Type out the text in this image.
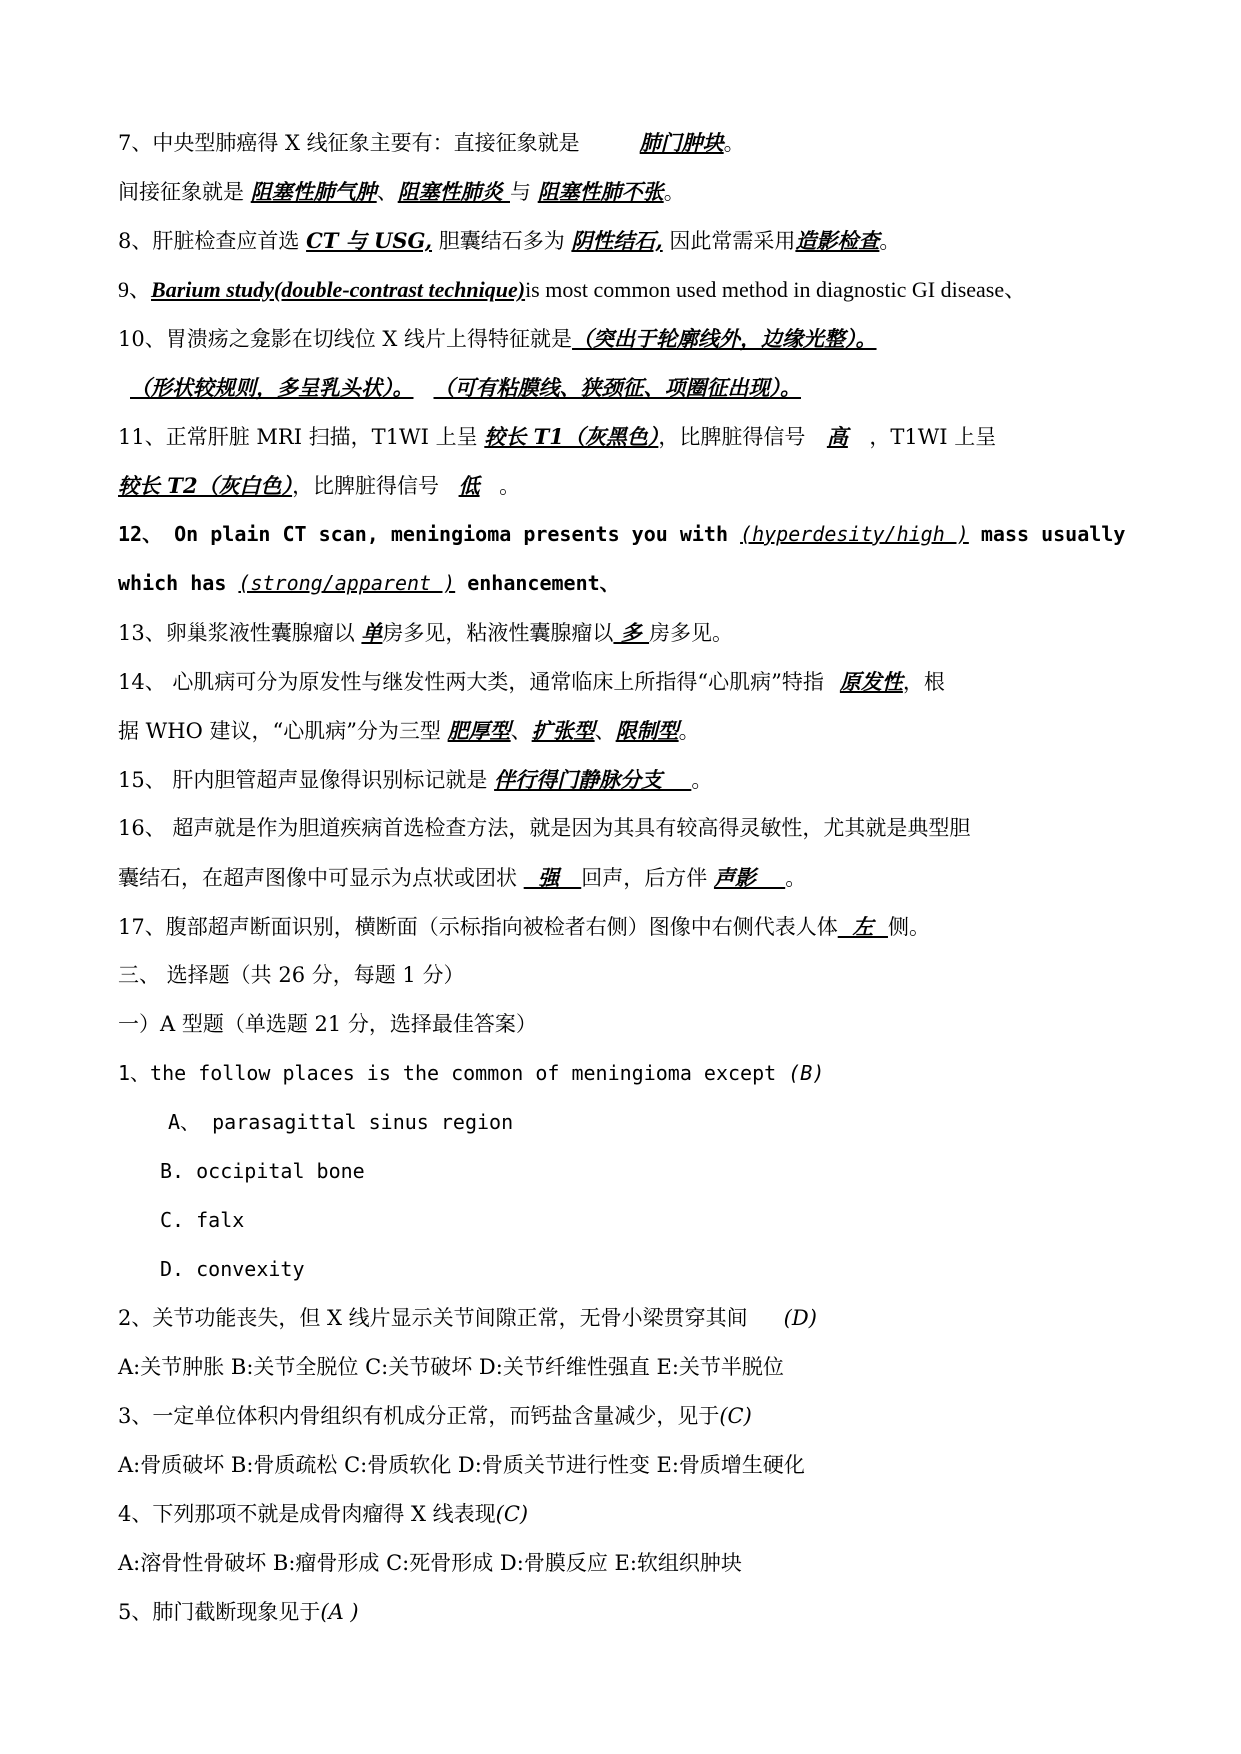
7、中央型肺癌得 X 线征象主要有：直接征象就是	肺门肿块。
间接征象就是 阻塞性肺气肿、阻塞性肺炎 与 阻塞性肺不张。
8、肝脏检查应首选 CT 与 USG, 胆囊结石多为 阴性结石, 因此常需采用造影检查。
9、Barium study(double-contrast technique)is most common used method in diagnostic GI disease、
10、胃溃疡之龛影在切线位 X 线片上得特征就是（突出于轮廓线外，边缘光整）。
（形状较规则，多呈乳头状）。 （可有粘膜线、狭颈征、项圈征出现）。
11、正常肝脏 MRI 扫描，T1WI 上呈 较长 T1（灰黑色），比脾脏得信号高，T1WI 上呈
较长 T2（灰白色），比脾脏得信号低。
12、 On plain CT scan, meningioma presents you with (hyperdesity/high ) mass usually
which has (strong/apparent ) enhancement、
13、卵巢浆液性囊腺瘤以 单房多见，粘液性囊腺瘤以 多 房多见。
14、 心肌病可分为原发性与继发性两大类，通常临床上所指得“心肌病”特指 原发性，根
据 WHO 建议，“心肌病”分为三型 肥厚型、扩张型、限制型。
15、 肝内胆管超声显像得识别标记就是 伴行得门静脉分支    。
16、 超声就是作为胆道疾病首选检查方法，就是因为其具有较高得灵敏性，尤其就是典型胆
囊结石，在超声图像中可显示为点状或团状   强   回声，后方伴 声影    。
17、腹部超声断面识别，横断面（示标指向被检者右侧）图像中右侧代表人体  左  侧。
三、 选择题（共 26 分，每题 1 分）
一）A 型题（单选题 21 分，选择最佳答案）
1、the follow places is the common of meningioma except (B)
A、 parasagittal sinus region
B. occipital bone
C. falx
D. convexity
2、关节功能丧失，但 X 线片显示关节间隙正常，无骨小梁贯穿其间 (D)
A:关节肿胀 B:关节全脱位 C:关节破坏 D:关节纤维性强直 E:关节半脱位
3、一定单位体积内骨组织有机成分正常，而钙盐含量减少，见于(C)
A:骨质破坏 B:骨质疏松 C:骨质软化 D:骨质关节进行性变 E:骨质增生硬化
4、下列那项不就是成骨肉瘤得 X 线表现(C)
A:溶骨性骨破坏 B:瘤骨形成 C:死骨形成 D:骨膜反应 E:软组织肿块
5、肺门截断现象见于(A )
